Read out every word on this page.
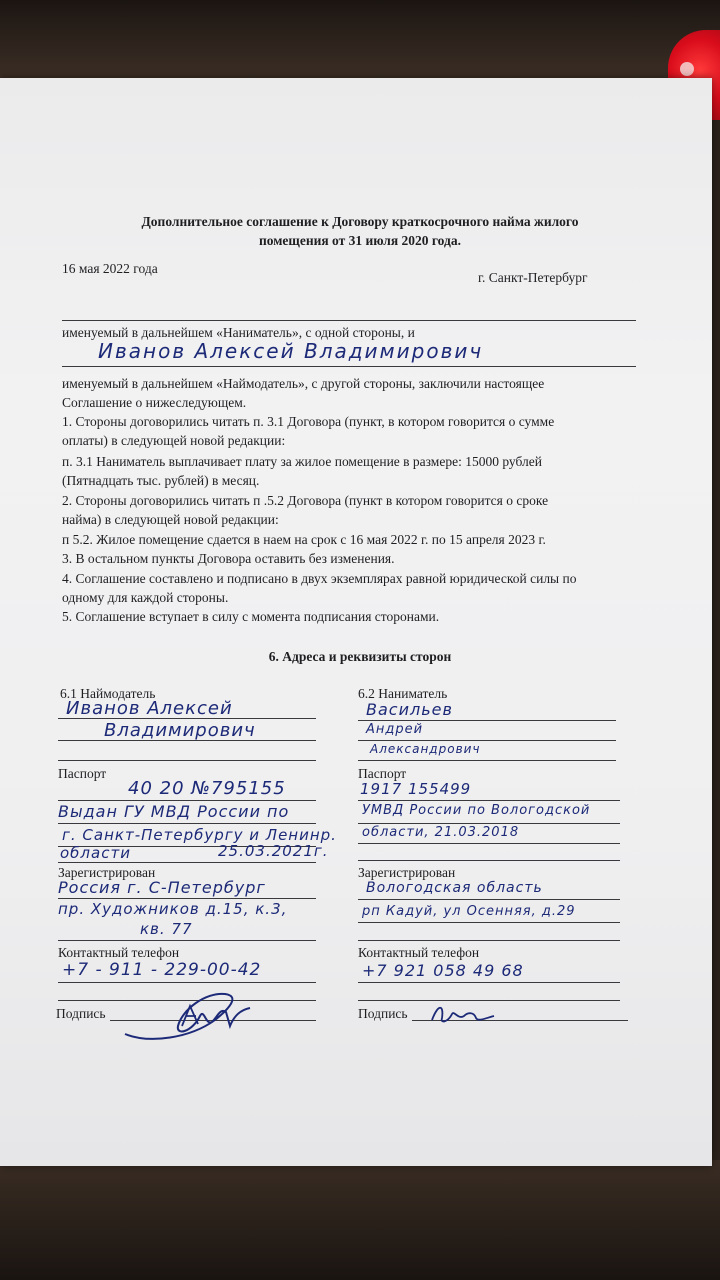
Дополнительное соглашение к Договору краткосрочного найма жилого
помещения от 31 июля 2020 года.
16 мая 2022 года
г. Санкт-Петербург
именуемый в дальнейшем «Наниматель», с одной стороны, и
Иванов Алексей Владимирович
именуемый в дальнейшем «Наймодатель», с другой стороны, заключили настоящее
Соглашение о нижеследующем.
1. Стороны договорились читать п. 3.1 Договора (пункт, в котором говорится о сумме
оплаты) в следующей новой редакции:
п. 3.1 Наниматель выплачивает плату за жилое помещение в размере: 15000 рублей
(Пятнадцать тыс. рублей) в месяц.
2. Стороны договорились читать п .5.2 Договора (пункт в котором говорится о сроке
найма) в следующей новой редакции:
п 5.2. Жилое помещение сдается в наем на срок с 16 мая 2022 г. по 15 апреля 2023 г.
3. В остальном пункты Договора оставить без изменения.
4. Соглашение составлено и подписано в двух экземплярах равной юридической силы по
одному для каждой стороны.
5. Соглашение вступает в силу с момента подписания сторонами.
6. Адреса и реквизиты сторон
6.1 Наймодатель
Иванов Алексей
Владимирович
Паспорт
40 20 №795155
Выдан ГУ МВД России по
г. Санкт-Петербургу и Ленинр.
области	25.03.2021г.
Зарегистрирован
Россия г. С-Петербург
пр. Художников д.15, к.3,
кв. 77
Контактный телефон
+7 - 911 - 229-00-42
Подпись
6.2 Наниматель
Васильев
Андрей
Александрович
Паспорт
1917 155499
УМВД России по Вологодской
области, 21.03.2018
Зарегистрирован
Вологодская область
рп Кадуй, ул Осенняя, д.29
Контактный телефон
+7 921 058 49 68
Подпись
